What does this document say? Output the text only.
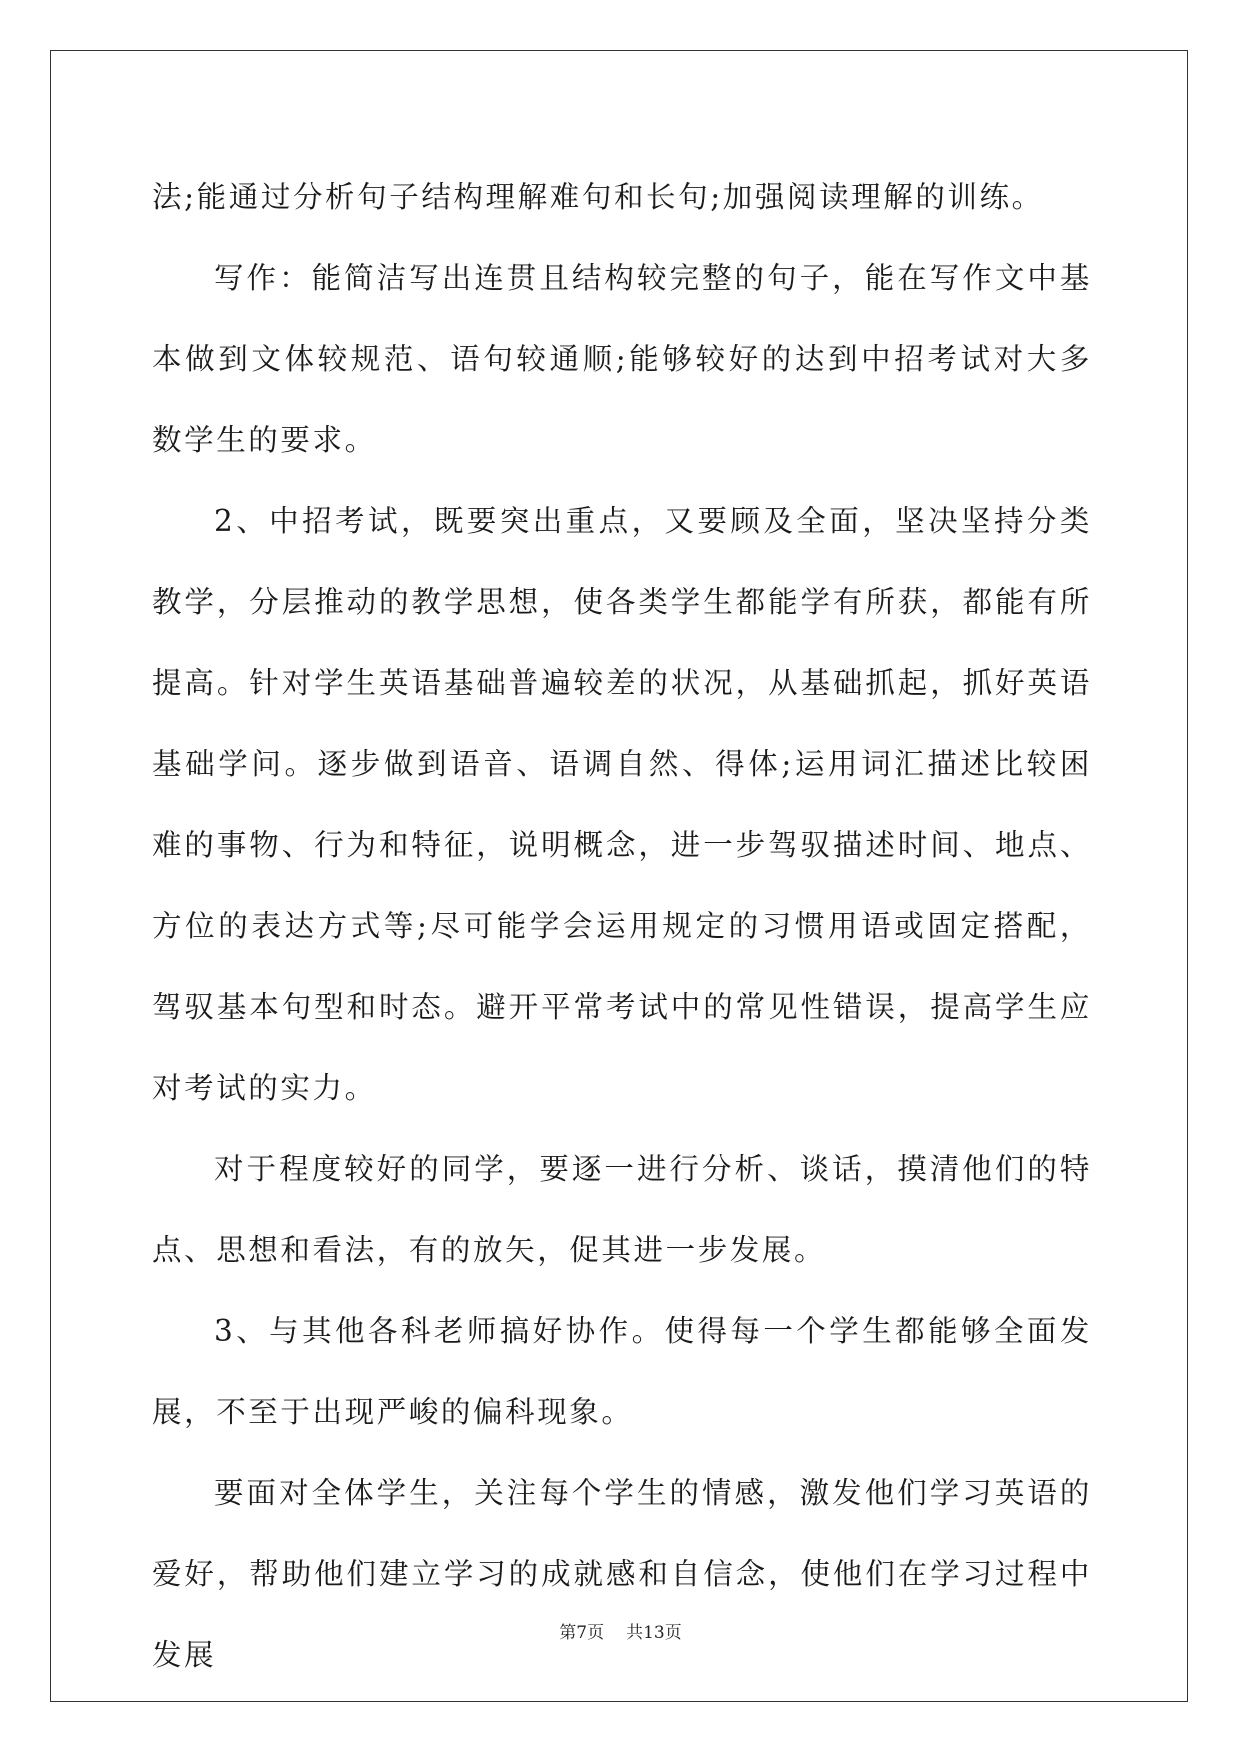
法;能通过分析句子结构理解难句和长句;加强阅读理解的训练。

写作：能简洁写出连贯且结构较完整的句子，能在写作文中基本做到文体较规范、语句较通顺;能够较好的达到中招考试对大多数学生的要求。

2、中招考试，既要突出重点，又要顾及全面，坚决坚持分类教学，分层推动的教学思想，使各类学生都能学有所获，都能有所提高。针对学生英语基础普遍较差的状况，从基础抓起，抓好英语基础学问。逐步做到语音、语调自然、得体;运用词汇描述比较困难的事物、行为和特征，说明概念，进一步驾驭描述时间、地点、方位的表达方式等;尽可能学会运用规定的习惯用语或固定搭配，驾驭基本句型和时态。避开平常考试中的常见性错误，提高学生应对考试的实力。

对于程度较好的同学，要逐一进行分析、谈话，摸清他们的特点、思想和看法，有的放矢，促其进一步发展。

3、与其他各科老师搞好协作。使得每一个学生都能够全面发展，不至于出现严峻的偏科现象。

要面对全体学生，关注每个学生的情感，激发他们学习英语的爱好，帮助他们建立学习的成就感和自信念，使他们在学习过程中发展

第7页 共13页
